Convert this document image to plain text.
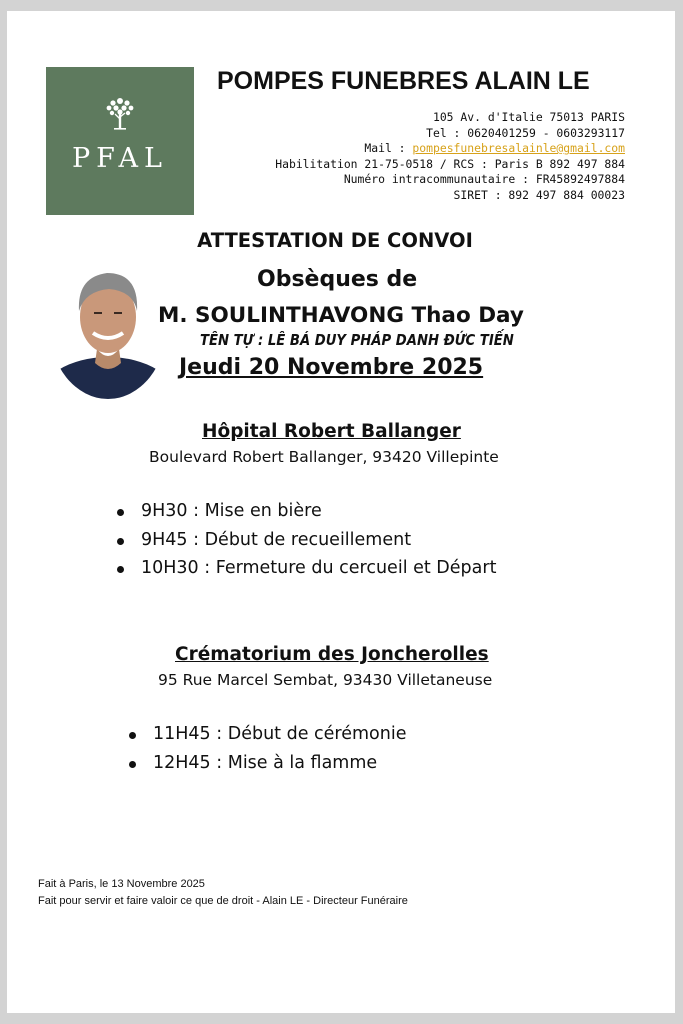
PFAL
POMPES FUNEBRES ALAIN LE
105 Av. d'Italie 75013 PARIS
Tel : 0620401259 - 0603293117
Mail : pompesfunebresalainle@gmail.com
Habilitation 21-75-0518 / RCS : Paris B 892 497 884
Numéro intracommunautaire : FR45892497884
SIRET : 892 497 884 00023
ATTESTATION DE CONVOI
Obsèques de
M. SOULINTHAVONG Thao Day
TÊN TỰ : LÊ BÁ DUY PHÁP DANH ĐỨC TIẾN
Jeudi 20 Novembre 2025
Hôpital Robert Ballanger
Boulevard Robert Ballanger, 93420 Villepinte
9H30 : Mise en bière
9H45 : Début de recueillement
10H30 : Fermeture du cercueil et Départ
Crématorium des Joncherolles
95 Rue Marcel Sembat, 93430 Villetaneuse
11H45 : Début de cérémonie
12H45 : Mise à la flamme
Fait à Paris, le 13 Novembre 2025
Fait pour servir et faire valoir ce que de droit - Alain LE - Directeur Funéraire
